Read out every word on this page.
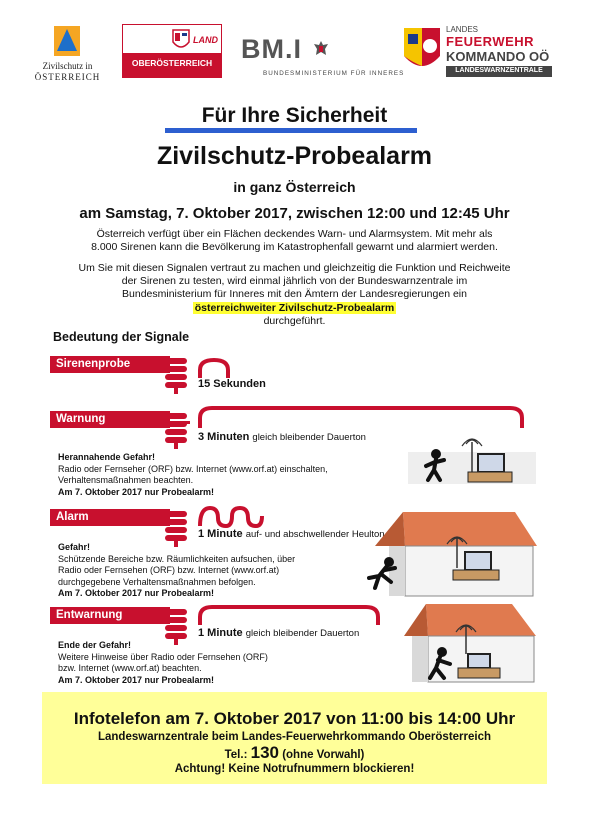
Zivilschutz in
ÖSTERREICH
LAND
OBERÖSTERREICH	BM.I
BUNDESMINISTERIUM FÜR INNERES
LANDES
FEUERWEHR
KOMMANDO OÖ
LANDESWARNZENTRALE
Für Ihre Sicherheit
Zivilschutz-Probealarm
in ganz Österreich
am Samstag, 7. Oktober 2017, zwischen 12:00 und 12:45 Uhr
Österreich verfügt über ein Flächen deckendes Warn- und Alarmsystem. Mit mehr als
8.000 Sirenen kann die Bevölkerung im Katastrophenfall gewarnt und alarmiert werden.
Um Sie mit diesen Signalen vertraut zu machen und gleichzeitig die Funktion und Reichweite
der Sirenen zu testen, wird einmal jährlich von der Bundeswarnzentrale im
Bundesministerium für Inneres mit den Ämtern der Landesregierungen ein
österreichweiter Zivilschutz-Probealarm
durchgeführt.
Bedeutung der Signale
Sirenenprobe
15 Sekunden
Warnung
3 Minuten gleich bleibender Dauerton
Herannahende Gefahr!
Radio oder Fernseher (ORF) bzw. Internet (www.orf.at) einschalten,
Verhaltensmaßnahmen beachten.
Am 7. Oktober 2017 nur Probealarm!
Alarm
1 Minute auf- und abschwellender Heulton
Gefahr!
Schützende Bereiche bzw. Räumlichkeiten aufsuchen, über
Radio oder Fernsehen (ORF) bzw. Internet (www.orf.at)
durchgegebene Verhaltensmaßnahmen befolgen.
Am 7. Oktober 2017 nur Probealarm!
Entwarnung
1 Minute gleich bleibender Dauerton
Ende der Gefahr!
Weitere Hinweise über Radio oder Fernsehen (ORF)
bzw. Internet (www.orf.at) beachten.
Am 7. Oktober 2017 nur Probealarm!
Infotelefon am 7. Oktober 2017 von 11:00 bis 14:00 Uhr
Landeswarnzentrale beim Landes-Feuerwehrkommando Oberösterreich
Tel.: 130 (ohne Vorwahl)
Achtung! Keine Notrufnummern blockieren!
